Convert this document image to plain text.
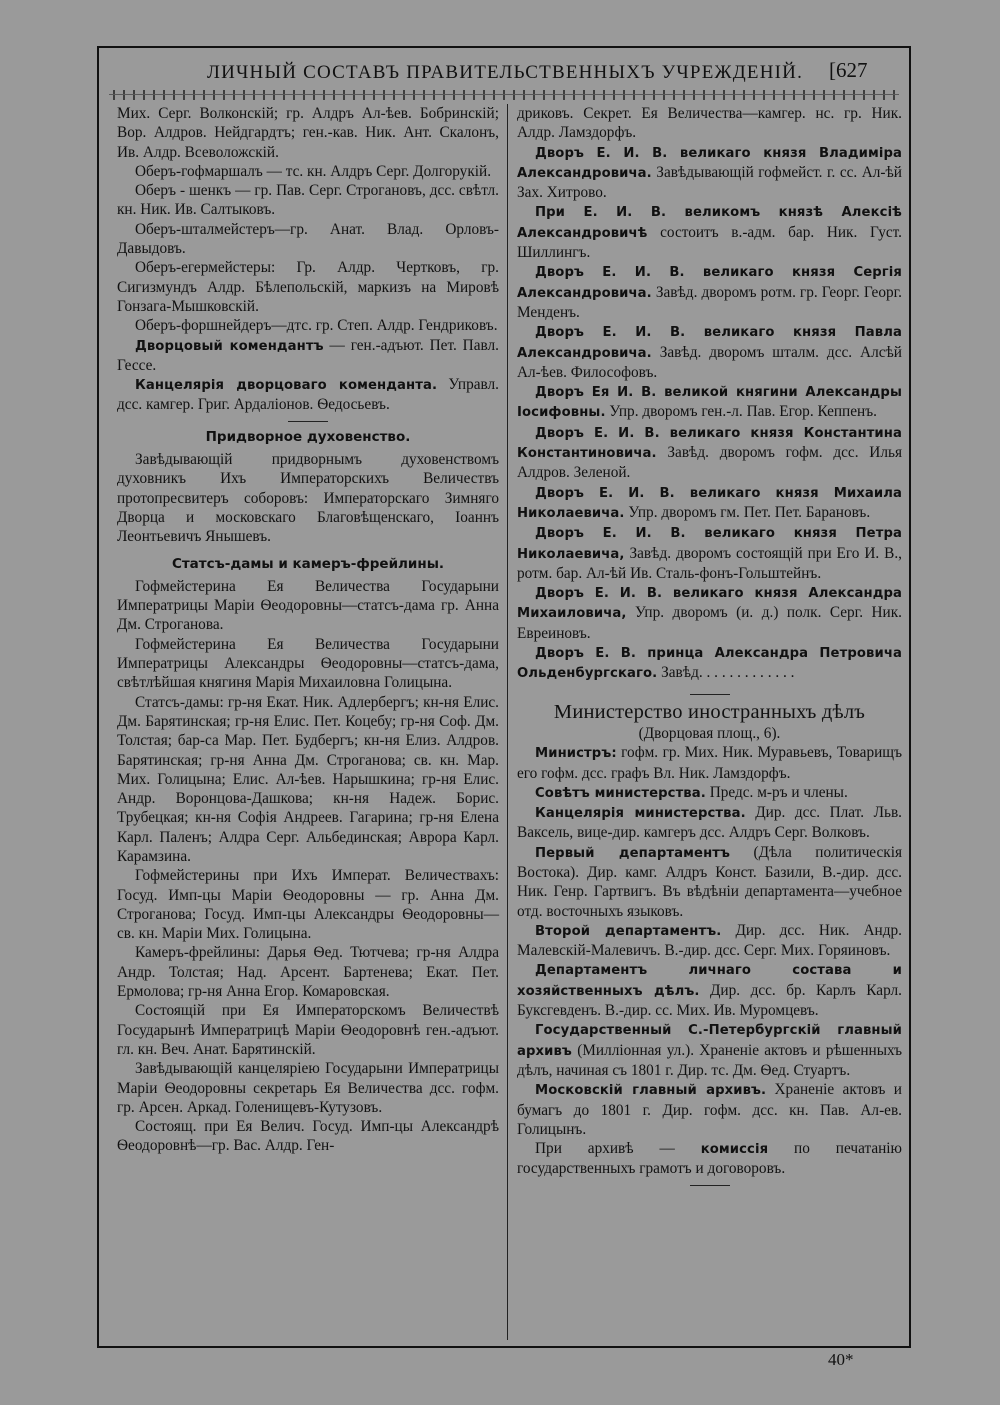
ЛИЧНЫЙ СОСТАВЪ ПРАВИТЕЛЬСТВЕННЫХЪ УЧРЕЖДЕНІЙ. [627

Мих. Серг. Волконскій; гр. Алдръ Ал-ѣев. Бобринскій; Вор. Алдров. Нейдгардтъ; ген.-кав. Ник. Ант. Скалонъ, Ив. Алдр. Всеволожскій.

Оберъ-гофмаршалъ — тс. кн. Алдръ Серг. Долгорукій.

Оберъ - шенкъ — гр. Пав. Серг. Строгановъ, дсс. свѣтл. кн. Ник. Ив. Салтыковъ.

Оберъ-шталмейстеръ—гр. Анат. Влад. Орловъ-Давыдовъ.

Оберъ-егермейстеры: Гр. Алдр. Чертковъ, гр. Сигизмундъ Алдр. Бѣлепольскій, маркизъ на Мировѣ Гонзага-Мышковскій.

Оберъ-форшнейдеръ—дтс. гр. Степ. Алдр. Гендриковъ.

Дворцовый комендантъ — ген.-адъют. Пет. Павл. Гессе.

Канцелярія дворцоваго коменданта. Управл. дсс. камгер. Григ. Ардаліонов. Ѳедосьевъ.

Придворное духовенство.

Завѣдывающій придворнымъ духовенствомъ духовникъ Ихъ Императорскихъ Величествъ протопресвитеръ соборовъ: Императорскаго Зимняго Дворца и московскаго Благовѣщенскаго, Іоаннъ Леонтьевичъ Янышевъ.

Статсъ-дамы и камеръ-фрейлины.

Гофмейстерина Ея Величества Государыни Императрицы Маріи Ѳеодоровны—статсъ-дама гр. Анна Дм. Строганова.

Гофмейстерина Ея Величества Государыни Императрицы Александры Ѳеодоровны—статсъ-дама, свѣтлѣйшая княгиня Марія Михаиловна Голицына.

Статсъ-дамы: гр-ня Екат. Ник. Адлербергъ; кн-ня Елис. Дм. Барятинская; гр-ня Елис. Пет. Коцебу; гр-ня Соф. Дм. Толстая; бар-са Мар. Пет. Будбергъ; кн-ня Елиз. Алдров. Барятинская; гр-ня Анна Дм. Строганова; св. кн. Мар. Мих. Голицына; Елис. Ал-ѣев. Нарышкина; гр-ня Елис. Андр. Воронцова-Дашкова; кн-ня Надеж. Борис. Трубецкая; кн-ня Софія Андреев. Гагарина; гр-ня Елена Карл. Паленъ; Алдра Серг. Альбединская; Аврора Карл. Карамзина.

Гофмейстерины при Ихъ Императ. Величествахъ: Госуд. Имп-цы Маріи Ѳеодоровны — гр. Анна Дм. Строганова; Госуд. Имп-цы Александры Ѳеодоровны—св. кн. Маріи Мих. Голицына.

Камеръ-фрейлины: Дарья Ѳед. Тютчева; гр-ня Алдра Андр. Толстая; Над. Арсент. Бартенева; Екат. Пет. Ермолова; гр-ня Анна Егор. Комаровская.

Состоящій при Ея Императорскомъ Величествѣ Государынѣ Императрицѣ Маріи Ѳеодоровнѣ ген.-адъют. гл. кн. Веч. Анат. Барятинскій.

Завѣдывающій канцеляріею Государыни Императрицы Маріи Ѳеодоровны секретарь Ея Величества дсс. гофм. гр. Арсен. Аркад. Голенищевъ-Кутузовъ.

Состоящ. при Ея Велич. Госуд. Имп-цы Александрѣ Ѳеодоровнѣ—гр. Вас. Алдр. Ген-

дриковъ. Секрет. Ея Величества—камгер. нс. гр. Ник. Алдр. Ламздорфъ.

Дворъ Е. И. В. великаго князя Владиміра Александровича. Завѣдывающій гофмейст. г. сс. Ал-ѣй Зах. Хитрово.

При Е. И. В. великомъ князѣ Алексіѣ Александровичѣ состоитъ в.-адм. бар. Ник. Густ. Шиллингъ.

Дворъ Е. И. В. великаго князя Сергія Александровича. Завѣд. дворомъ ротм. гр. Георг. Георг. Менденъ.

Дворъ Е. И. В. великаго князя Павла Александровича. Завѣд. дворомъ шталм. дсс. Алсѣй Ал-ѣев. Философовъ.

Дворъ Ея И. В. великой княгини Александры Іосифовны. Упр. дворомъ ген.-л. Пав. Егор. Кеппенъ.

Дворъ Е. И. В. великаго князя Константина Константиновича. Завѣд. дворомъ гофм. дсс. Илья Алдров. Зеленой.

Дворъ Е. И. В. великаго князя Михаила Николаевича. Упр. дворомъ гм. Пет. Пет. Барановъ.

Дворъ Е. И. В. великаго князя Петра Николаевича, Завѣд. дворомъ состоящій при Его И. В., ротм. бар. Ал-ѣй Ив. Сталь-фонъ-Гольштейнъ.

Дворъ Е. И. В. великаго князя Александра Михаиловича, Упр. дворомъ (и. д.) полк. Серг. Ник. Евреиновъ.

Дворъ Е. В. принца Александра Петровича Ольденбургскаго. Завѣд. . . . . . . . . . . . .

Министерство иностранныхъ дѣлъ
(Дворцовая площ., 6).

Министръ: гофм. гр. Мих. Ник. Муравьевъ, Товарищъ его гофм. дсс. графъ Вл. Ник. Ламздорфъ.

Совѣтъ министерства. Предс. м-ръ и члены.

Канцелярія министерства. Дир. дсс. Плат. Льв. Ваксель, вице-дир. камгеръ дсс. Алдръ Серг. Волковъ.

Первый департаментъ (Дѣла политическія Востока). Дир. камг. Алдръ Конст. Базили, В.-дир. дсс. Ник. Генр. Гартвигъ. Въ вѣдѣніи департамента—учебное отд. восточныхъ языковъ.

Второй департаментъ. Дир. дсс. Ник. Андр. Малевскій-Малевичъ. В.-дир. дсс. Серг. Мих. Горяиновъ.

Департаментъ личнаго состава и хозяйственныхъ дѣлъ. Дир. дсс. бр. Карлъ Карл. Буксгевденъ. В.-дир. сс. Мих. Ив. Муромцевъ.

Государственный С.-Петербургскій главный архивъ (Милліонная ул.). Храненіе актовъ и рѣшенныхъ дѣлъ, начиная съ 1801 г. Дир. тс. Дм. Ѳед. Стуартъ.

Московскій главный архивъ. Храненіе актовъ и бумагъ до 1801 г. Дир. гофм. дсс. кн. Пав. Ал-ев. Голицынъ.

При архивѣ — комиссія по печатанію государственныхъ грамотъ и договоровъ.

40*
